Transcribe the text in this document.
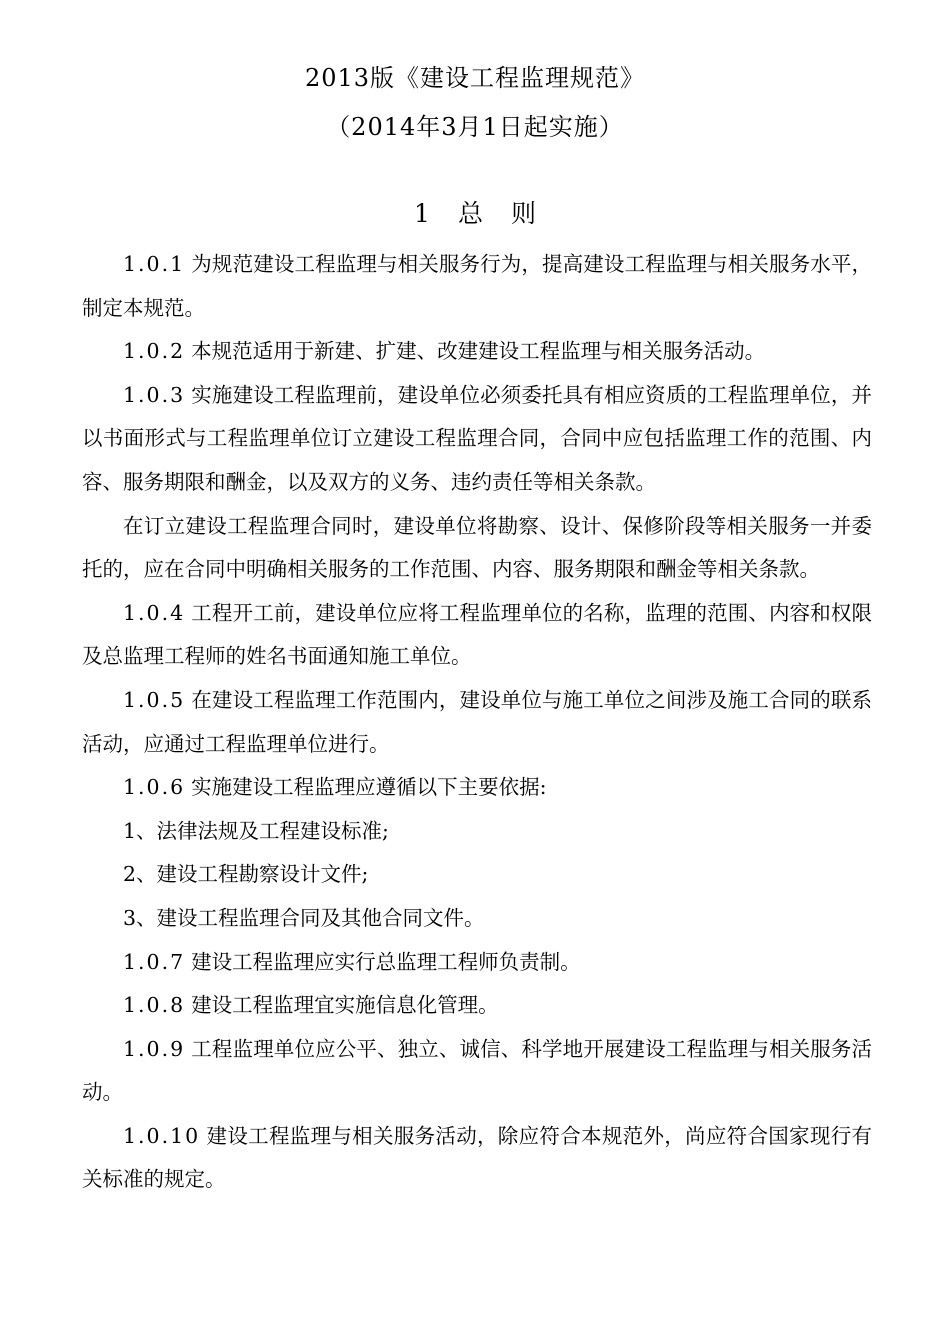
2013版《建设工程监理规范》
（2014年3月1日起实施）
1 总 则

1.0.1 为规范建设工程监理与相关服务行为，提高建设工程监理与相关服务水平，制定本规范。

1.0.2 本规范适用于新建、扩建、改建建设工程监理与相关服务活动。

1.0.3 实施建设工程监理前，建设单位必须委托具有相应资质的工程监理单位，并以书面形式与工程监理单位订立建设工程监理合同，合同中应包括监理工作的范围、内容、服务期限和酬金，以及双方的义务、违约责任等相关条款。

在订立建设工程监理合同时，建设单位将勘察、设计、保修阶段等相关服务一并委托的，应在合同中明确相关服务的工作范围、内容、服务期限和酬金等相关条款。

1.0.4 工程开工前，建设单位应将工程监理单位的名称，监理的范围、内容和权限及总监理工程师的姓名书面通知施工单位。

1.0.5 在建设工程监理工作范围内，建设单位与施工单位之间涉及施工合同的联系活动，应通过工程监理单位进行。

1.0.6 实施建设工程监理应遵循以下主要依据:

1、法律法规及工程建设标准;

2、建设工程勘察设计文件;

3、建设工程监理合同及其他合同文件。

1.0.7 建设工程监理应实行总监理工程师负责制。

1.0.8 建设工程监理宜实施信息化管理。

1.0.9 工程监理单位应公平、独立、诚信、科学地开展建设工程监理与相关服务活动。

1.0.10 建设工程监理与相关服务活动，除应符合本规范外，尚应符合国家现行有关标准的规定。
